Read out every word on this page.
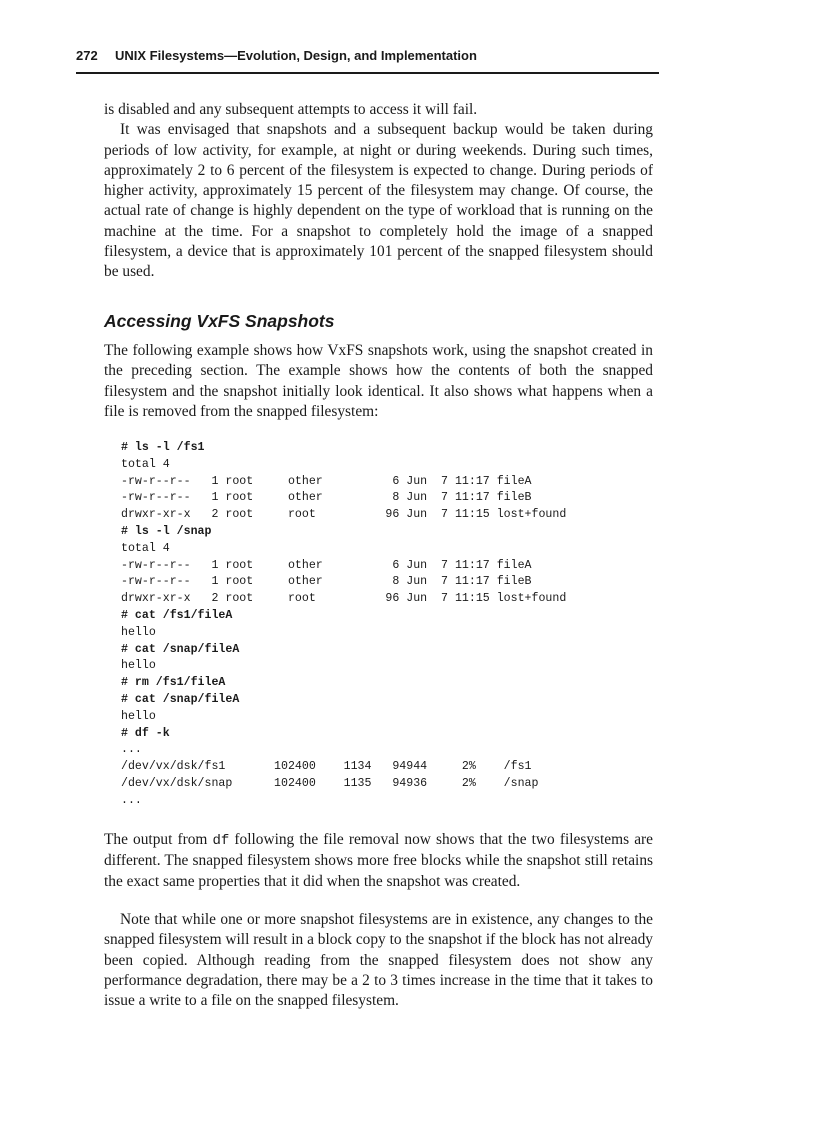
272 UNIX Filesystems—Evolution, Design, and Implementation
is disabled and any subsequent attempts to access it will fail.
It was envisaged that snapshots and a subsequent backup would be taken during periods of low activity, for example, at night or during weekends. During such times, approximately 2 to 6 percent of the filesystem is expected to change. During periods of higher activity, approximately 15 percent of the filesystem may change. Of course, the actual rate of change is highly dependent on the type of workload that is running on the machine at the time. For a snapshot to completely hold the image of a snapped filesystem, a device that is approximately 101 percent of the snapped filesystem should be used.
Accessing VxFS Snapshots

The following example shows how VxFS snapshots work, using the snapshot created in the preceding section. The example shows how the contents of both the snapped filesystem and the snapshot initially look identical. It also shows what happens when a file is removed from the snapped filesystem:

# ls -l /fs1
total 4
-rw-r--r--   1 root     other          6 Jun  7 11:17 fileA
-rw-r--r--   1 root     other          8 Jun  7 11:17 fileB
drwxr-xr-x   2 root     root          96 Jun  7 11:15 lost+found
# ls -l /snap
total 4
-rw-r--r--   1 root     other          6 Jun  7 11:17 fileA
-rw-r--r--   1 root     other          8 Jun  7 11:17 fileB
drwxr-xr-x   2 root     root          96 Jun  7 11:15 lost+found
# cat /fs1/fileA
hello
# cat /snap/fileA
hello
# rm /fs1/fileA
# cat /snap/fileA
hello
# df -k
...
/dev/vx/dsk/fs1       102400    1134   94944     2%    /fs1
/dev/vx/dsk/snap      102400    1135   94936     2%    /snap
...

The output from df following the file removal now shows that the two filesystems are different. The snapped filesystem shows more free blocks while the snapshot still retains the exact same properties that it did when the snapshot was created.

Note that while one or more snapshot filesystems are in existence, any changes to the snapped filesystem will result in a block copy to the snapshot if the block has not already been copied. Although reading from the snapped filesystem does not show any performance degradation, there may be a 2 to 3 times increase in the time that it takes to issue a write to a file on the snapped filesystem.
